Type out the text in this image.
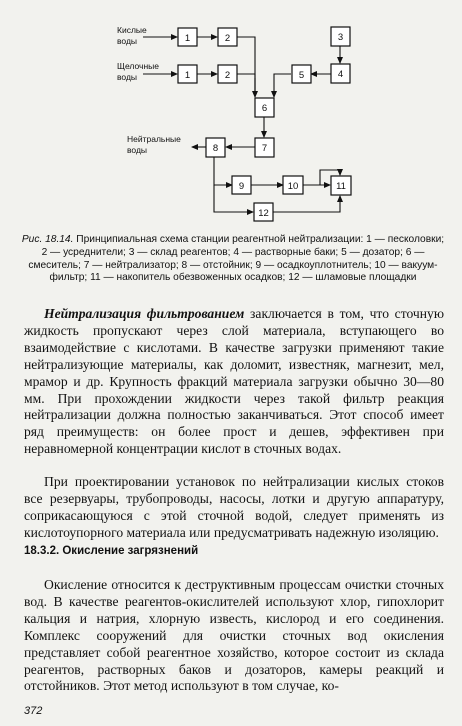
Кислые
воды
Щелочные
воды
Нейтральные
воды
1	2
1	2
3
4
5
6
7
8
9	10	11
12
Рис. 18.14. Принципиальная схема станции реагентной нейтрализации: 1 — песколовки; 2 — усреднители; 3 — склад реагентов; 4 — растворные баки; 5 — дозатор; 6 — смеситель; 7 — нейтрализатор; 8 — отстойник; 9 — осадкоуплотнитель; 10 — вакуум-фильтр; 11 — накопитель обезвоженных осадков; 12 — шламовые площадки
Нейтрализация фильтрованием заключается в том, что сточную жидкость пропускают через слой материала, вступающего во взаимодействие с кислотами. В качестве загрузки применяют такие нейтрализующие материалы, как доломит, известняк, магнезит, мел, мрамор и др. Крупность фракций материала загрузки обычно 30—80 мм. При прохождении жидкости через такой фильтр реакция нейтрализации должна полностью заканчиваться. Этот способ имеет ряд преимуществ: он более прост и дешев, эффективен при неравномерной концентрации кислот в сточных водах.
При проектировании установок по нейтрализации кислых стоков все резервуары, трубопроводы, насосы, лотки и другую аппаратуру, соприкасающуюся с этой сточной водой, следует применять из кислотоупорного материала или предусматривать надежную изоляцию.
18.3.2. Окисление загрязнений
Окисление относится к деструктивным процессам очистки сточных вод. В качестве реагентов-окислителей используют хлор, гипохлорит кальция и натрия, хлорную известь, кислород и его соединения. Комплекс сооружений для очистки сточных вод окисления представляет собой реагентное хозяйство, которое состоит из склада реагентов, растворных баков и дозаторов, камеры реакций и отстойников. Этот метод используют в том случае, ко-
372
